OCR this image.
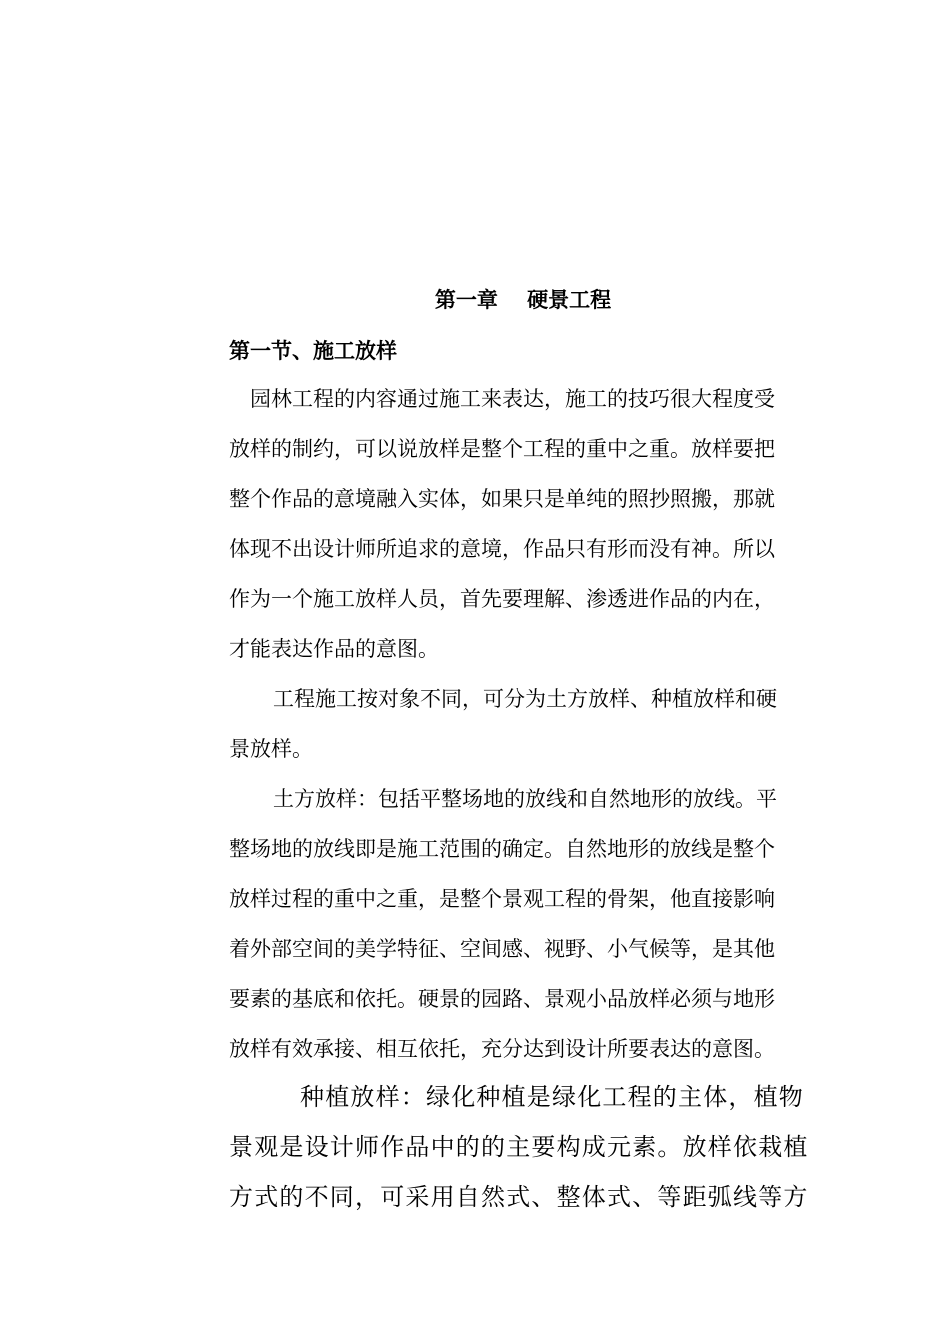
第一章    硬景工程
第一节、施工放样
园林工程的内容通过施工来表达，施工的技巧很大程度受
放样的制约，可以说放样是整个工程的重中之重。放样要把
整个作品的意境融入实体，如果只是单纯的照抄照搬，那就
体现不出设计师所追求的意境，作品只有形而没有神。所以
作为一个施工放样人员，首先要理解、渗透进作品的内在，
才能表达作品的意图。
工程施工按对象不同，可分为土方放样、种植放样和硬
景放样。
土方放样：包括平整场地的放线和自然地形的放线。平
整场地的放线即是施工范围的确定。自然地形的放线是整个
放样过程的重中之重，是整个景观工程的骨架，他直接影响
着外部空间的美学特征、空间感、视野、小气候等，是其他
要素的基底和依托。硬景的园路、景观小品放样必须与地形
放样有效承接、相互依托，充分达到设计所要表达的意图。
种植放样：绿化种植是绿化工程的主体，植物
景观是设计师作品中的的主要构成元素。放样依栽植
方式的不同，可采用自然式、整体式、等距弧线等方
